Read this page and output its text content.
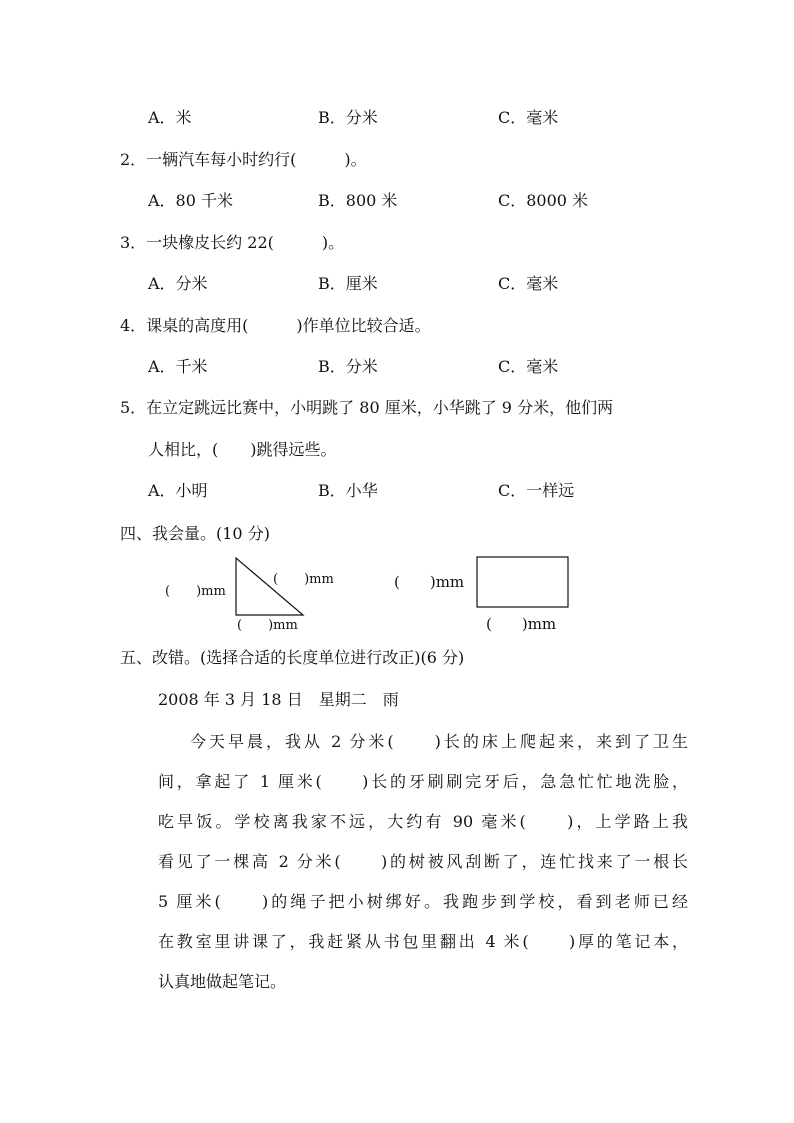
A．米	B．分米	C．毫米
2．一辆汽车每小时约行(　　　)。
A．80 千米	B．800 米	C．8000 米
3．一块橡皮长约 22(　　　)。
A．分米	B．厘米	C．毫米
4．课桌的高度用(　　　)作单位比较合适。
A．千米	B．分米	C．毫米
5．在立定跳远比赛中，小明跳了 80 厘米，小华跳了 9 分米，他们两
人相比，(　　)跳得远些。
A．小明	B．小华	C．一样远
四、我会量。(10 分)
(　　)mm
(　　)mm
(　　)mm
(　　)mm
(　　)mm
五、改错。(选择合适的长度单位进行改正)(6 分)
2008 年 3 月 18 日　星期二　雨
今天早晨，我从 2 分米(　　)长的床上爬起来，来到了卫生
间，拿起了 1 厘米(　　)长的牙刷刷完牙后，急急忙忙地洗脸，
吃早饭。学校离我家不远，大约有 90 毫米(　　)，上学路上我
看见了一棵高 2 分米(　　)的树被风刮断了，连忙找来了一根长
5 厘米(　　)的绳子把小树绑好。我跑步到学校，看到老师已经
在教室里讲课了，我赶紧从书包里翻出 4 米(　　)厚的笔记本，
认真地做起笔记。
